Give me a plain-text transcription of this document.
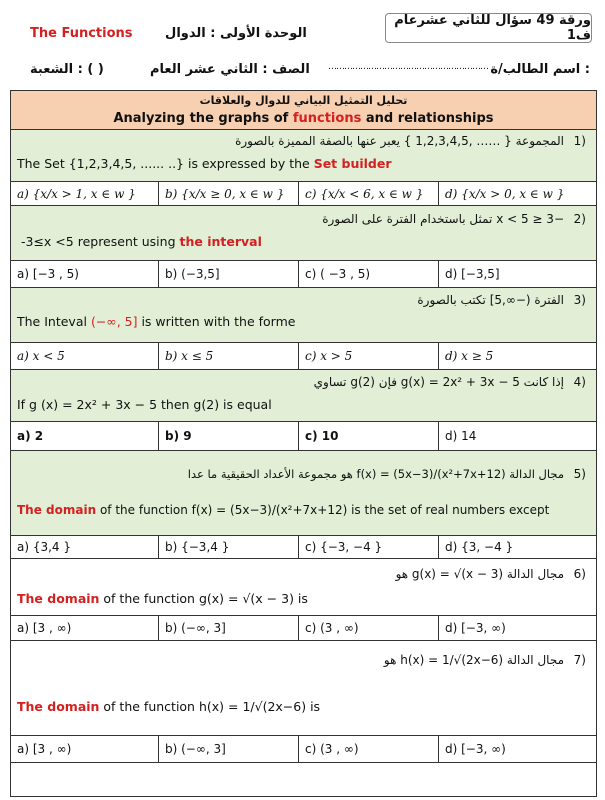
ورقة 49 سؤال للثاني عشرعام ف1
The Functions	الوحدة الأولى : الدوال
الشعبة : ( )	الصف : الثاني عشر العام …………………………………………………… اسم الطالب/ة :
تحليل التمثيل البياني للدوال والعلاقات
Analyzing the graphs of functions and relationships
1)
المجموعة { …… ,1,2,3,4,5 } يعبر عنها بالصفة المميزة بالصورة
The Set {1,2,3,4,5, ...... ..} is expressed by the Set builder
a) {x/x > 1, x ∈ w }	b) {x/x ≥ 0, x ∈ w }	c) {x/x < 6, x ∈ w }	d) {x/x > 0, x ∈ w }
2)
−3 ≤ x < 5 تمثل باستخدام الفترة على الصورة
-3≤x <5 represent using the interval
a) [−3 , 5)	b) (−3,5]	c) ( −3 , 5)	d) [−3,5]
3)
الفترة (−∞,5] تكتب بالصورة
The Inteval (−∞, 5] is written with the forme
a) x < 5	b) x ≤ 5	c) x > 5	d) x ≥ 5
4)
إذا كانت g(x) = 2x² + 3x − 5 فإن g(2) تساوي
If g (x) = 2x² + 3x − 5 then g(2) is equal
a) 2	b) 9	c) 10	d) 14
5)
مجال الدالة f(x) = (5x−3)/(x²+7x+12) هو مجموعة الأعداد الحقيقية ما عدا
The domain of the function f(x) = (5x−3)/(x²+7x+12) is the set of real numbers except
a) {3,4 }	b) {−3,4 }	c) {−3, −4 }	d) {3, −4 }
6)
مجال الدالة g(x) = √(x − 3) هو
The domain of the function g(x) = √(x − 3) is
a) [3 , ∞)	b) (−∞, 3]	c) (3 , ∞)	d) [−3, ∞)
7)
مجال الدالة h(x) = 1/√(2x−6) هو
The domain of the function h(x) = 1/√(2x−6) is
a) [3 , ∞)	b) (−∞, 3]	c) (3 , ∞)	d) [−3, ∞)
